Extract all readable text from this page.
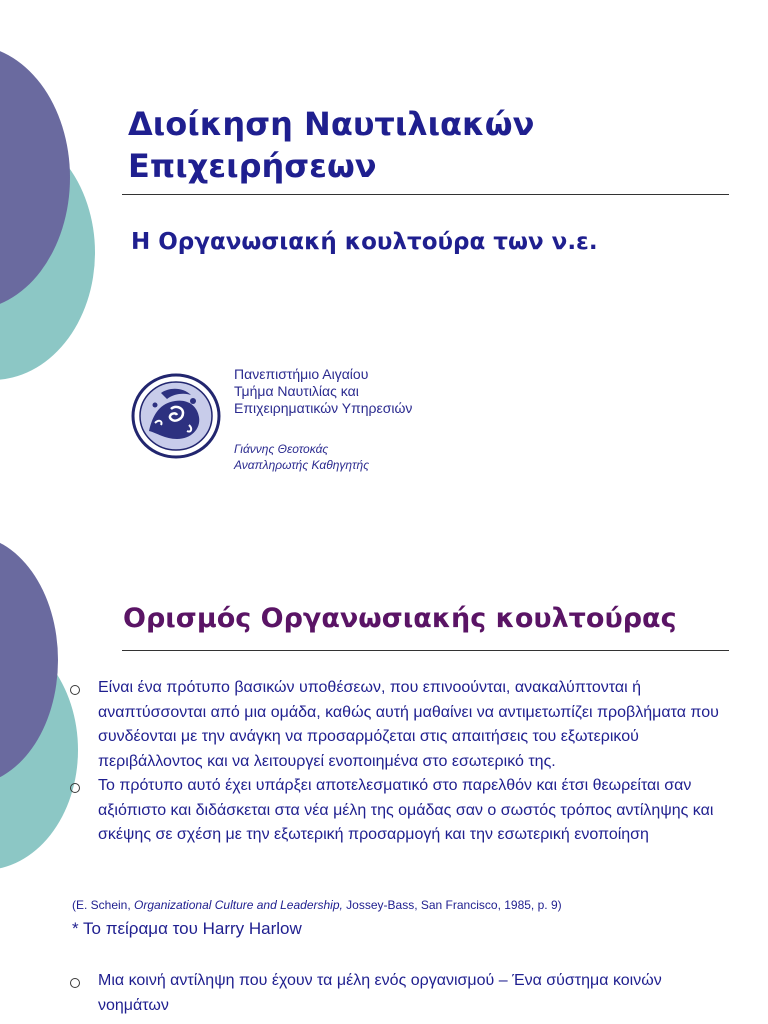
Διοίκηση Ναυτιλιακών
Επιχειρήσεων
Η Οργανωσιακή κουλτούρα των ν.ε.
Πανεπιστήμιο Αιγαίου
Τμήμα Ναυτιλίας και
Επιχειρηματικών Υπηρεσιών
Γιάννης Θεοτοκάς
Αναπληρωτής Καθηγητής
Ορισμός Οργανωσιακής κουλτούρας
Είναι ένα πρότυπο βασικών υποθέσεων, που επινοούνται, ανακαλύπτονται ή αναπτύσσονται από μια ομάδα, καθώς αυτή μαθαίνει να αντιμετωπίζει προβλήματα που συνδέονται με την ανάγκη να προσαρμόζεται στις απαιτήσεις του εξωτερικού περιβάλλοντος και να λειτουργεί ενοποιημένα στο εσωτερικό της.
Το πρότυπο αυτό έχει υπάρξει αποτελεσματικό στο παρελθόν και έτσι θεωρείται σαν αξιόπιστο και διδάσκεται στα νέα μέλη της ομάδας σαν ο σωστός τρόπος αντίληψης και σκέψης σε σχέση με την εξωτερική προσαρμογή και την εσωτερική ενοποίηση
(E. Schein, Organizational Culture and Leadership, Jossey-Bass, San Francisco, 1985, p. 9)
* Το πείραμα του Harry Harlow
Μια κοινή αντίληψη που έχουν τα μέλη ενός οργανισμού – Ένα σύστημα κοινών νοημάτων
